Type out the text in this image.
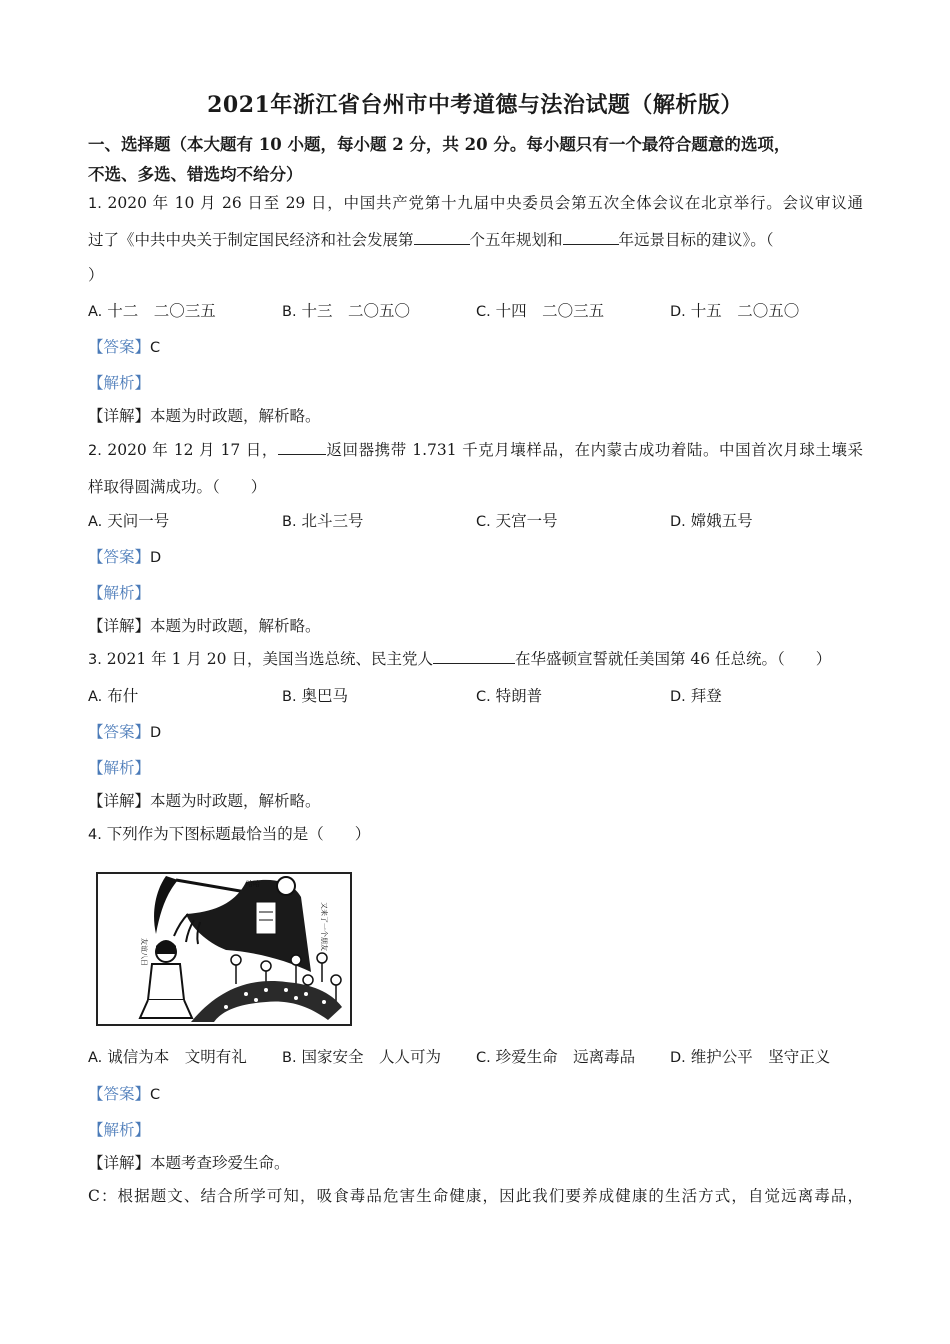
2021年浙江省台州市中考道德与法治试题（解析版）
一、选择题（本大题有 10 小题，每小题 2 分，共 20 分。每小题只有一个最符合题意的选项，
不选、多选、错选均不给分）
1. 2020 年 10 月 26 日至 29 日，中国共产党第十九届中央委员会第五次全体会议在北京举行。会议审议通
过了《中共中央关于制定国民经济和社会发展第	个五年规划和	年远景目标的建议》。（
）
A. 十二　二〇三五	B. 十三　二〇五〇	C. 十四　二〇三五	D. 十五　二〇五〇
【答案】C
【解析】
【详解】本题为时政题，解析略。
2. 2020 年 12 月 17 日，	返回器携带 1.731 千克月壤样品，在内蒙古成功着陆。中国首次月球土壤采
样取得圆满成功。（　　）
A. 天问一号	B. 北斗三号	C. 天宫一号	D. 嫦娥五号
【答案】D
【解析】
【详解】本题为时政题，解析略。
3. 2021 年 1 月 20 日，美国当选总统、民主党人	在华盛顿宣誓就任美国第 46 任总统。（　　）
A. 布什	B. 奥巴马	C. 特朗普	D. 拜登
【答案】D
【解析】
【详解】本题为时政题，解析略。
4. 下列作为下图标题最恰当的是（　　）
哈哈
又来了一个朋友
友谊八日
A. 诚信为本　文明有礼 B. 国家安全　人人可为 C. 珍爱生命　远离毒品 D. 维护公平　坚守正义
【答案】C
【解析】
【详解】本题考查珍爱生命。
C：根据题文、结合所学可知，吸食毒品危害生命健康，因此我们要养成健康的生活方式，自觉远离毒品，
